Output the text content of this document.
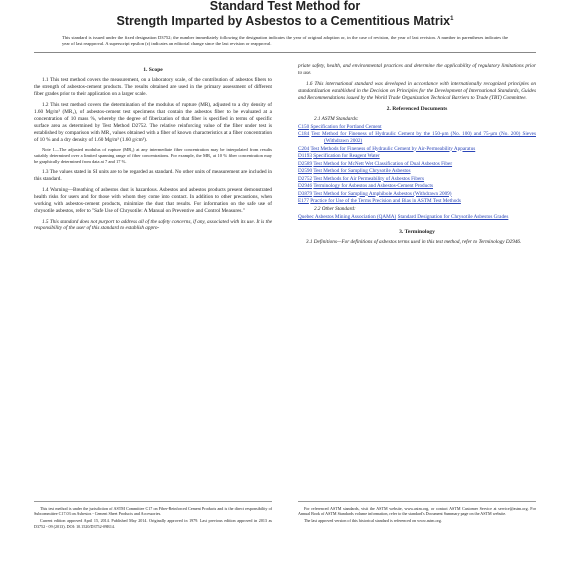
Standard Test Method for
Strength Imparted by Asbestos to a Cementitious Matrix$^1$
This standard is issued under the fixed designation D3752; the number immediately following the designation indicates the year of original adoption or, in the case of revision, the year of last revision. A number in parentheses indicates the year of last reapproval. A superscript epsilon (ε) indicates an editorial change since the last revision or reapproval.
1. Scope

1.1 This test method covers the measurement, on a laboratory scale, of the contribution of asbestos fibers to the strength of asbestos-cement products. The results obtained are used in the primary assessment of different fiber grades prior to their application on a larger scale.

1.2 This test method covers the determination of the modulus of rupture (MR), adjusted to a dry density of 1.60 Mg/m³ (MR₁), of asbestos-cement test specimens that contain the asbestos fiber to be evaluated at a concentration of 10 mass %, whereby the degree of fiberization of that fiber is specified in terms of specific surface area as determined by Test Method D2752. The relative reinforcing value of the fiber under test is established by comparison with MR₁ values obtained with a fiber of known characteristics at a fiber concentration of 10 % and a dry density of 1.60 Mg/m³ (1.60 g/cm³).

Note 1—The adjusted modulus of rupture (MR₁) at any intermediate fiber concentration may be interpolated from results suitably determined over a limited spanning range of fiber concentrations. For example, the MR₁ at 10 % fiber concentration may be graphically determined from data at 7 and 17 %.

1.3 The values stated in SI units are to be regarded as standard. No other units of measurement are included in this standard.

1.4 Warning—Breathing of asbestos dust is hazardous. Asbestos and asbestos products present demonstrated health risks for users and for those with whom they come into contact. In addition to other precautions, when working with asbestos-cement products, minimize the dust that results. For information on the safe use of chrysotile asbestos, refer to "Safe Use of Chrysotile: A Manual on Preventive and Control Measures."

1.5 This standard does not purport to address all of the safety concerns, if any, associated with its use. It is the responsibility of the user of this standard to establish appro-

priate safety, health, and environmental practices and determine the applicability of regulatory limitations prior to use.

1.6 This international standard was developed in accordance with internationally recognized principles on standardization established in the Decision on Principles for the Development of International Standards, Guides and Recommendations issued by the World Trade Organization Technical Barriers to Trade (TBT) Committee.

2. Referenced Documents
2.1 ASTM Standards:
C150 Specification for Portland Cement
C184 Test Method for Fineness of Hydraulic Cement by the 150-μm (No. 100) and 75-μm (No. 200) Sieves (Withdrawn 2002)
C204 Test Methods for Fineness of Hydraulic Cement by Air-Permeability Apparatus
D1193 Specification for Reagent Water
D2589 Test Method for McNett Wet Classification of Dual Asbestos Fiber
D2590 Test Method for Sampling Chrysotile Asbestos
D2752 Test Methods for Air Permeability of Asbestos Fibers
D2946 Terminology for Asbestos and Asbestos-Cement Products
D3879 Test Method for Sampling Amphibole Asbestos (Withdrawn 2009)
E177 Practice for Use of the Terms Precision and Bias in ASTM Test Methods
2.2 Other Standard:
Quebec Asbestos Mining Association (QAMA) Standard Designation for Chrysotile Asbestos Grades
3. Terminology

3.1 Definitions—For definitions of asbestos terms used in this test method, refer to Terminology D2946.

This test method is under the jurisdiction of ASTM Committee C17 on Fiber-Reinforced Cement Products and is the direct responsibility of Subcommittee C17.03 on Asbestos - Cement Sheet Products and Accessories.

Current edition approved April 15, 2014. Published May 2014. Originally approved in 1979. Last previous edition approved in 2013 as D3752 - 09 (2013). DOI: 10.1520/D3752-09R14.

For referenced ASTM standards, visit the ASTM website, www.astm.org, or contact ASTM Customer Service at service@astm.org. For Annual Book of ASTM Standards volume information, refer to the standard's Document Summary page on the ASTM website.

The last approved version of this historical standard is referenced on www.astm.org.
